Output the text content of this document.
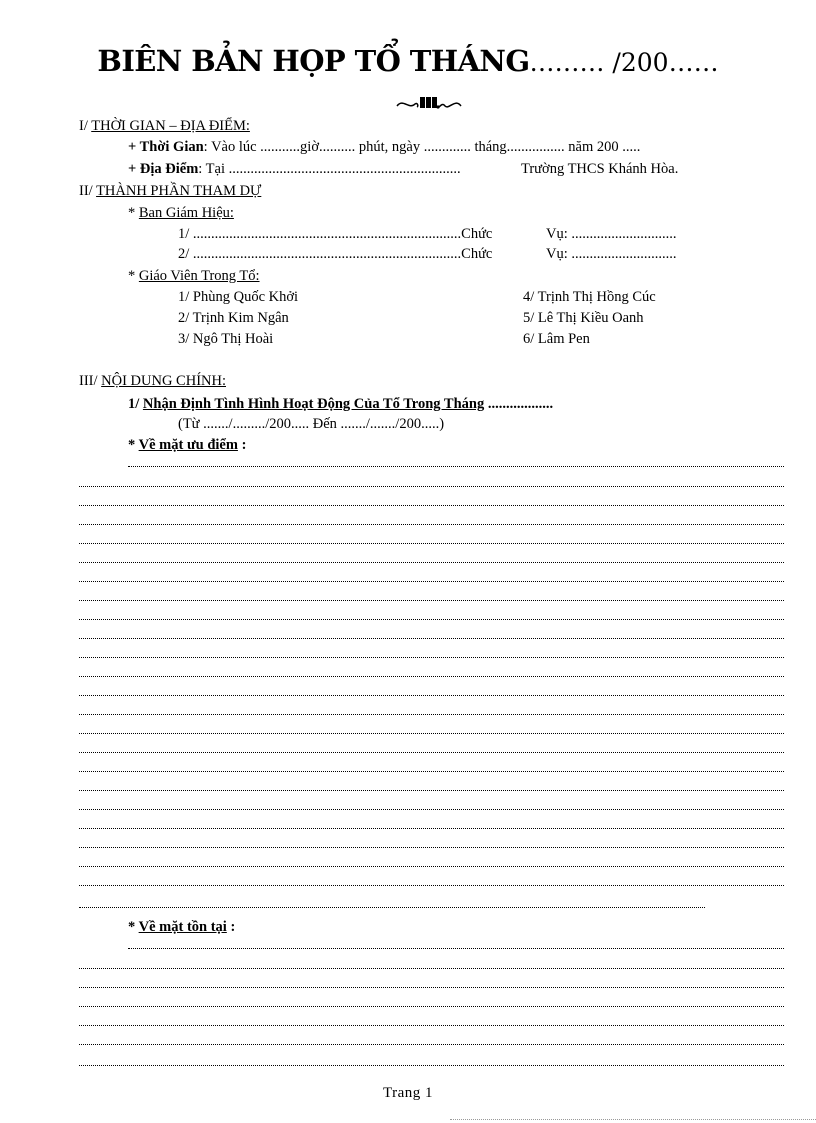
BIÊN BẢN HỌP TỔ THÁNG……… /200……
I/ THỜI GIAN – ĐỊA ĐIỂM:
+ Thời Gian: Vào lúc ...........giờ.......... phút, ngày ............. tháng................ năm 200 .....
+ Địa Điểm: Tại ................................................................	Trường THCS Khánh Hòa.
II/ THÀNH PHẦN THAM DỰ
* Ban Giám Hiệu:
1/ ..........................................................................Chức	Vụ: .............................
2/ ..........................................................................Chức	Vụ: .............................
* Giáo Viên Trong Tổ:
1/ Phùng Quốc Khởi
2/ Trịnh Kim Ngân
3/ Ngô Thị Hoài
4/ Trịnh Thị Hồng Cúc
5/ Lê Thị Kiều Oanh
6/ Lâm Pen
III/ NỘI DUNG CHÍNH:
1/ Nhận Định Tình Hình Hoạt Động Của Tổ Trong Tháng ..................
(Từ ......./........./200..... Đến ......./......./200.....)
* Về mặt ưu điểm :
* Về mặt tồn tại :
Trang 1
